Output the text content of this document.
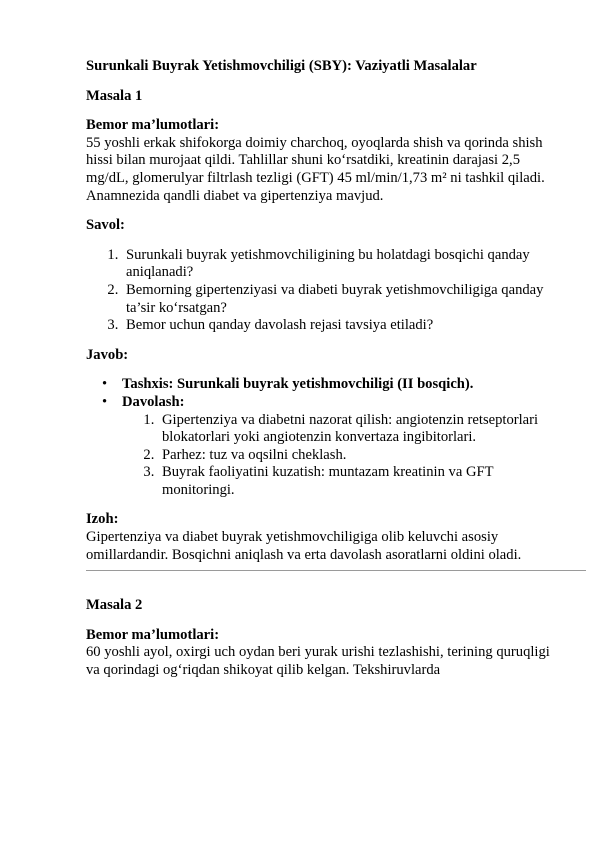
Surunkali Buyrak Yetishmovchiligi (SBY): Vaziyatli Masalalar

Masala 1

Bemor ma’lumotlari:

55 yoshli erkak shifokorga doimiy charchoq, oyoqlarda shish va qorinda shish hissi bilan murojaat qildi. Tahlillar shuni ko‘rsatdiki, kreatinin darajasi 2,5 mg/dL, glomerulyar filtrlash tezligi (GFT) 45 ml/min/1,73 m² ni tashkil qiladi. Anamnezida qandli diabet va gipertenziya mavjud.

Savol:

1. Surunkali buyrak yetishmovchiligining bu holatdagi bosqichi qanday aniqlanadi?
2. Bemorning gipertenziyasi va diabeti buyrak yetishmovchiligiga qanday ta’sir ko‘rsatgan?
3. Bemor uchun qanday davolash rejasi tavsiya etiladi?

Javob:

• Tashxis: Surunkali buyrak yetishmovchiligi (II bosqich).
• Davolash:
1. Gipertenziya va diabetni nazorat qilish: angiotenzin retseptorlari blokatorlari yoki angiotenzin konvertaza ingibitorlari.
2. Parhez: tuz va oqsilni cheklash.
3. Buyrak faoliyatini kuzatish: muntazam kreatinin va GFT monitoringi.

Izoh:

Gipertenziya va diabet buyrak yetishmovchiligiga olib keluvchi asosiy omillardandir. Bosqichni aniqlash va erta davolash asoratlarni oldini oladi.

Masala 2

Bemor ma’lumotlari:

60 yoshli ayol, oxirgi uch oydan beri yurak urishi tezlashishi, terining quruqligi va qorindagi og‘riqdan shikoyat qilib kelgan. Tekshiruvlarda
